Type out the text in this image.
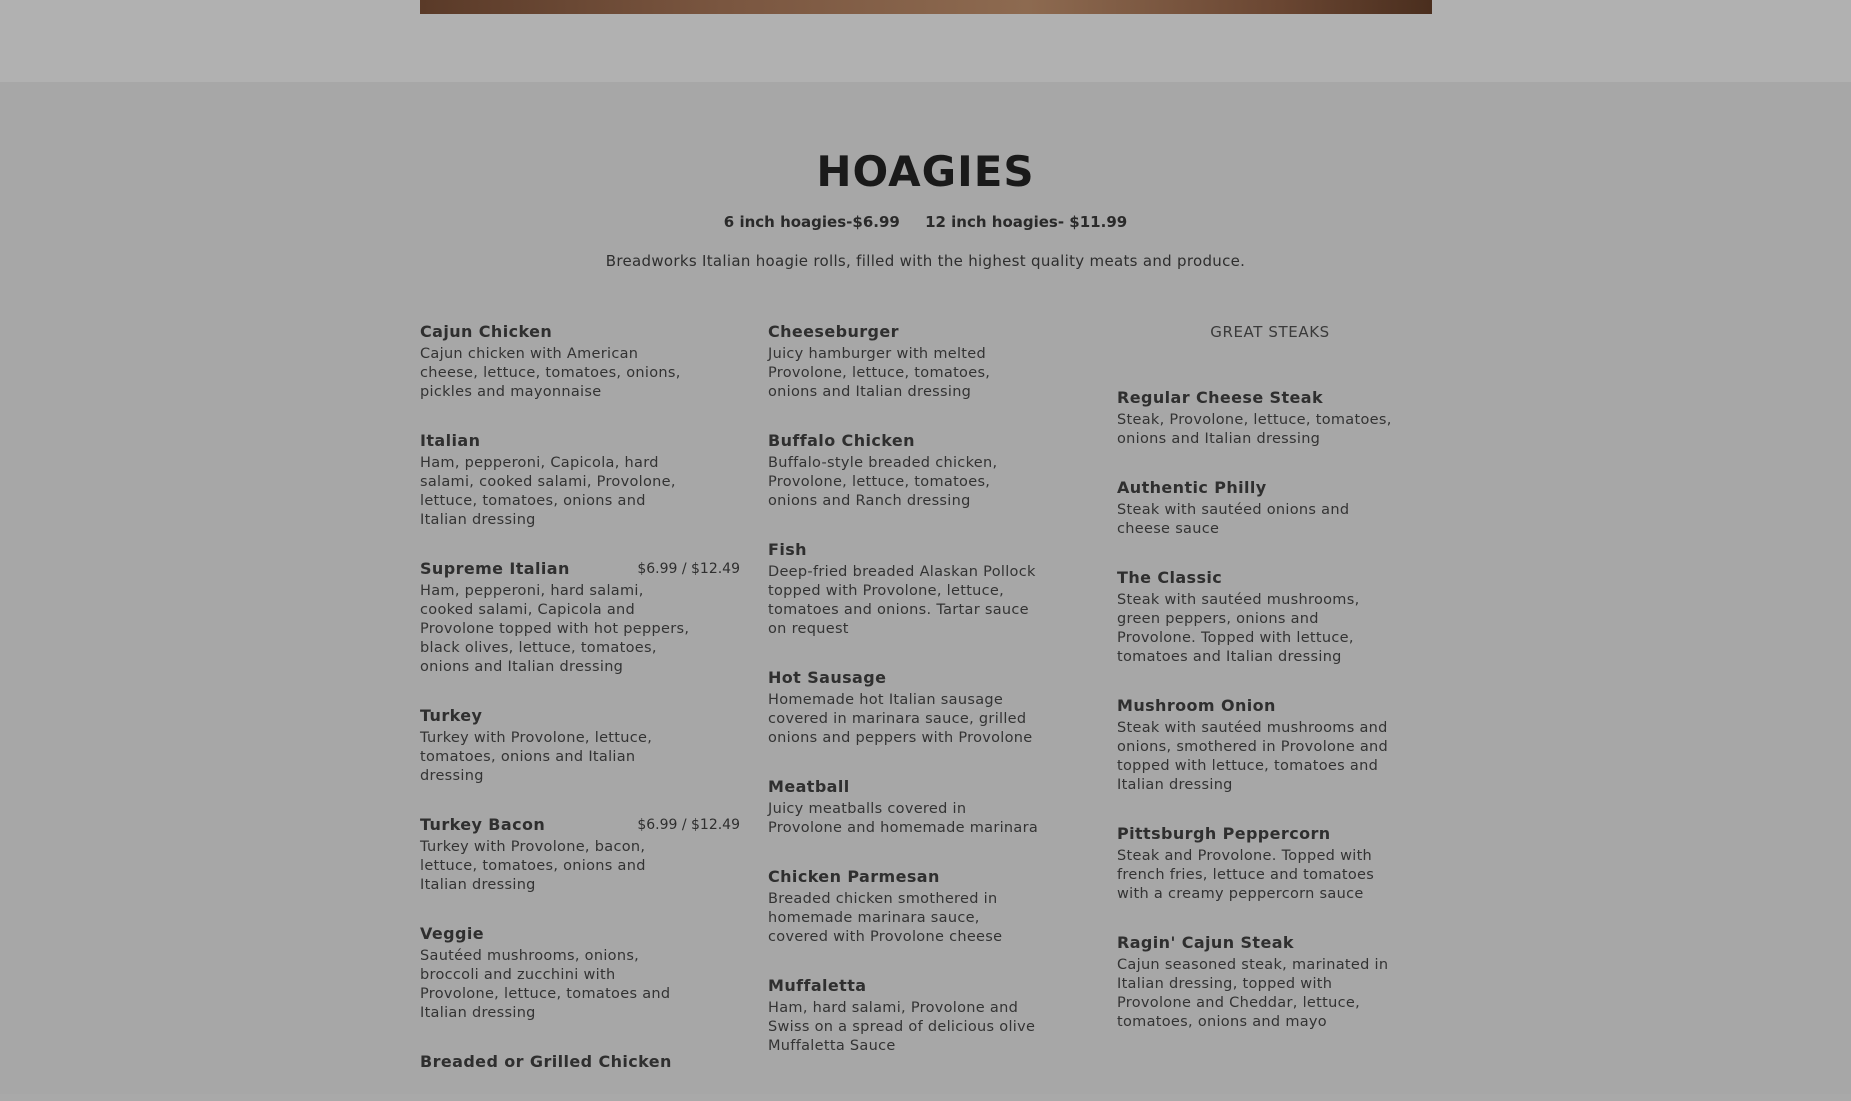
HOAGIES
6 inch hoagies-$6.99 12 inch hoagies- $11.99
Breadworks Italian hoagie rolls, filled with the highest quality meats and produce.
Cajun Chicken
Cajun chicken with American cheese, lettuce, tomatoes, onions, pickles and mayonnaise
Italian
Ham, pepperoni, Capicola, hard salami, cooked salami, Provolone, lettuce, tomatoes, onions and Italian dressing
Supreme Italian	$6.99 / $12.49
Ham, pepperoni, hard salami, cooked salami, Capicola and Provolone topped with hot peppers, black olives, lettuce, tomatoes, onions and Italian dressing
Turkey
Turkey with Provolone, lettuce, tomatoes, onions and Italian dressing
Turkey Bacon	$6.99 / $12.49
Turkey with Provolone, bacon, lettuce, tomatoes, onions and Italian dressing
Veggie
Sautéed mushrooms, onions, broccoli and zucchini with Provolone, lettuce, tomatoes and Italian dressing
Breaded or Grilled Chicken
Cheeseburger
Juicy hamburger with melted Provolone, lettuce, tomatoes, onions and Italian dressing
Buffalo Chicken
Buffalo-style breaded chicken, Provolone, lettuce, tomatoes, onions and Ranch dressing
Fish
Deep-fried breaded Alaskan Pollock topped with Provolone, lettuce, tomatoes and onions. Tartar sauce on request
Hot Sausage
Homemade hot Italian sausage covered in marinara sauce, grilled onions and peppers with Provolone
Meatball
Juicy meatballs covered in Provolone and homemade marinara
Chicken Parmesan
Breaded chicken smothered in homemade marinara sauce, covered with Provolone cheese
Muffaletta
Ham, hard salami, Provolone and Swiss on a spread of delicious olive Muffaletta Sauce
GREAT STEAKS
Regular Cheese Steak
Steak, Provolone, lettuce, tomatoes, onions and Italian dressing
Authentic Philly
Steak with sautéed onions and cheese sauce
The Classic
Steak with sautéed mushrooms, green peppers, onions and Provolone. Topped with lettuce, tomatoes and Italian dressing
Mushroom Onion
Steak with sautéed mushrooms and onions, smothered in Provolone and topped with lettuce, tomatoes and Italian dressing
Pittsburgh Peppercorn
Steak and Provolone. Topped with french fries, lettuce and tomatoes with a creamy peppercorn sauce
Ragin' Cajun Steak
Cajun seasoned steak, marinated in Italian dressing, topped with Provolone and Cheddar, lettuce, tomatoes, onions and mayo
